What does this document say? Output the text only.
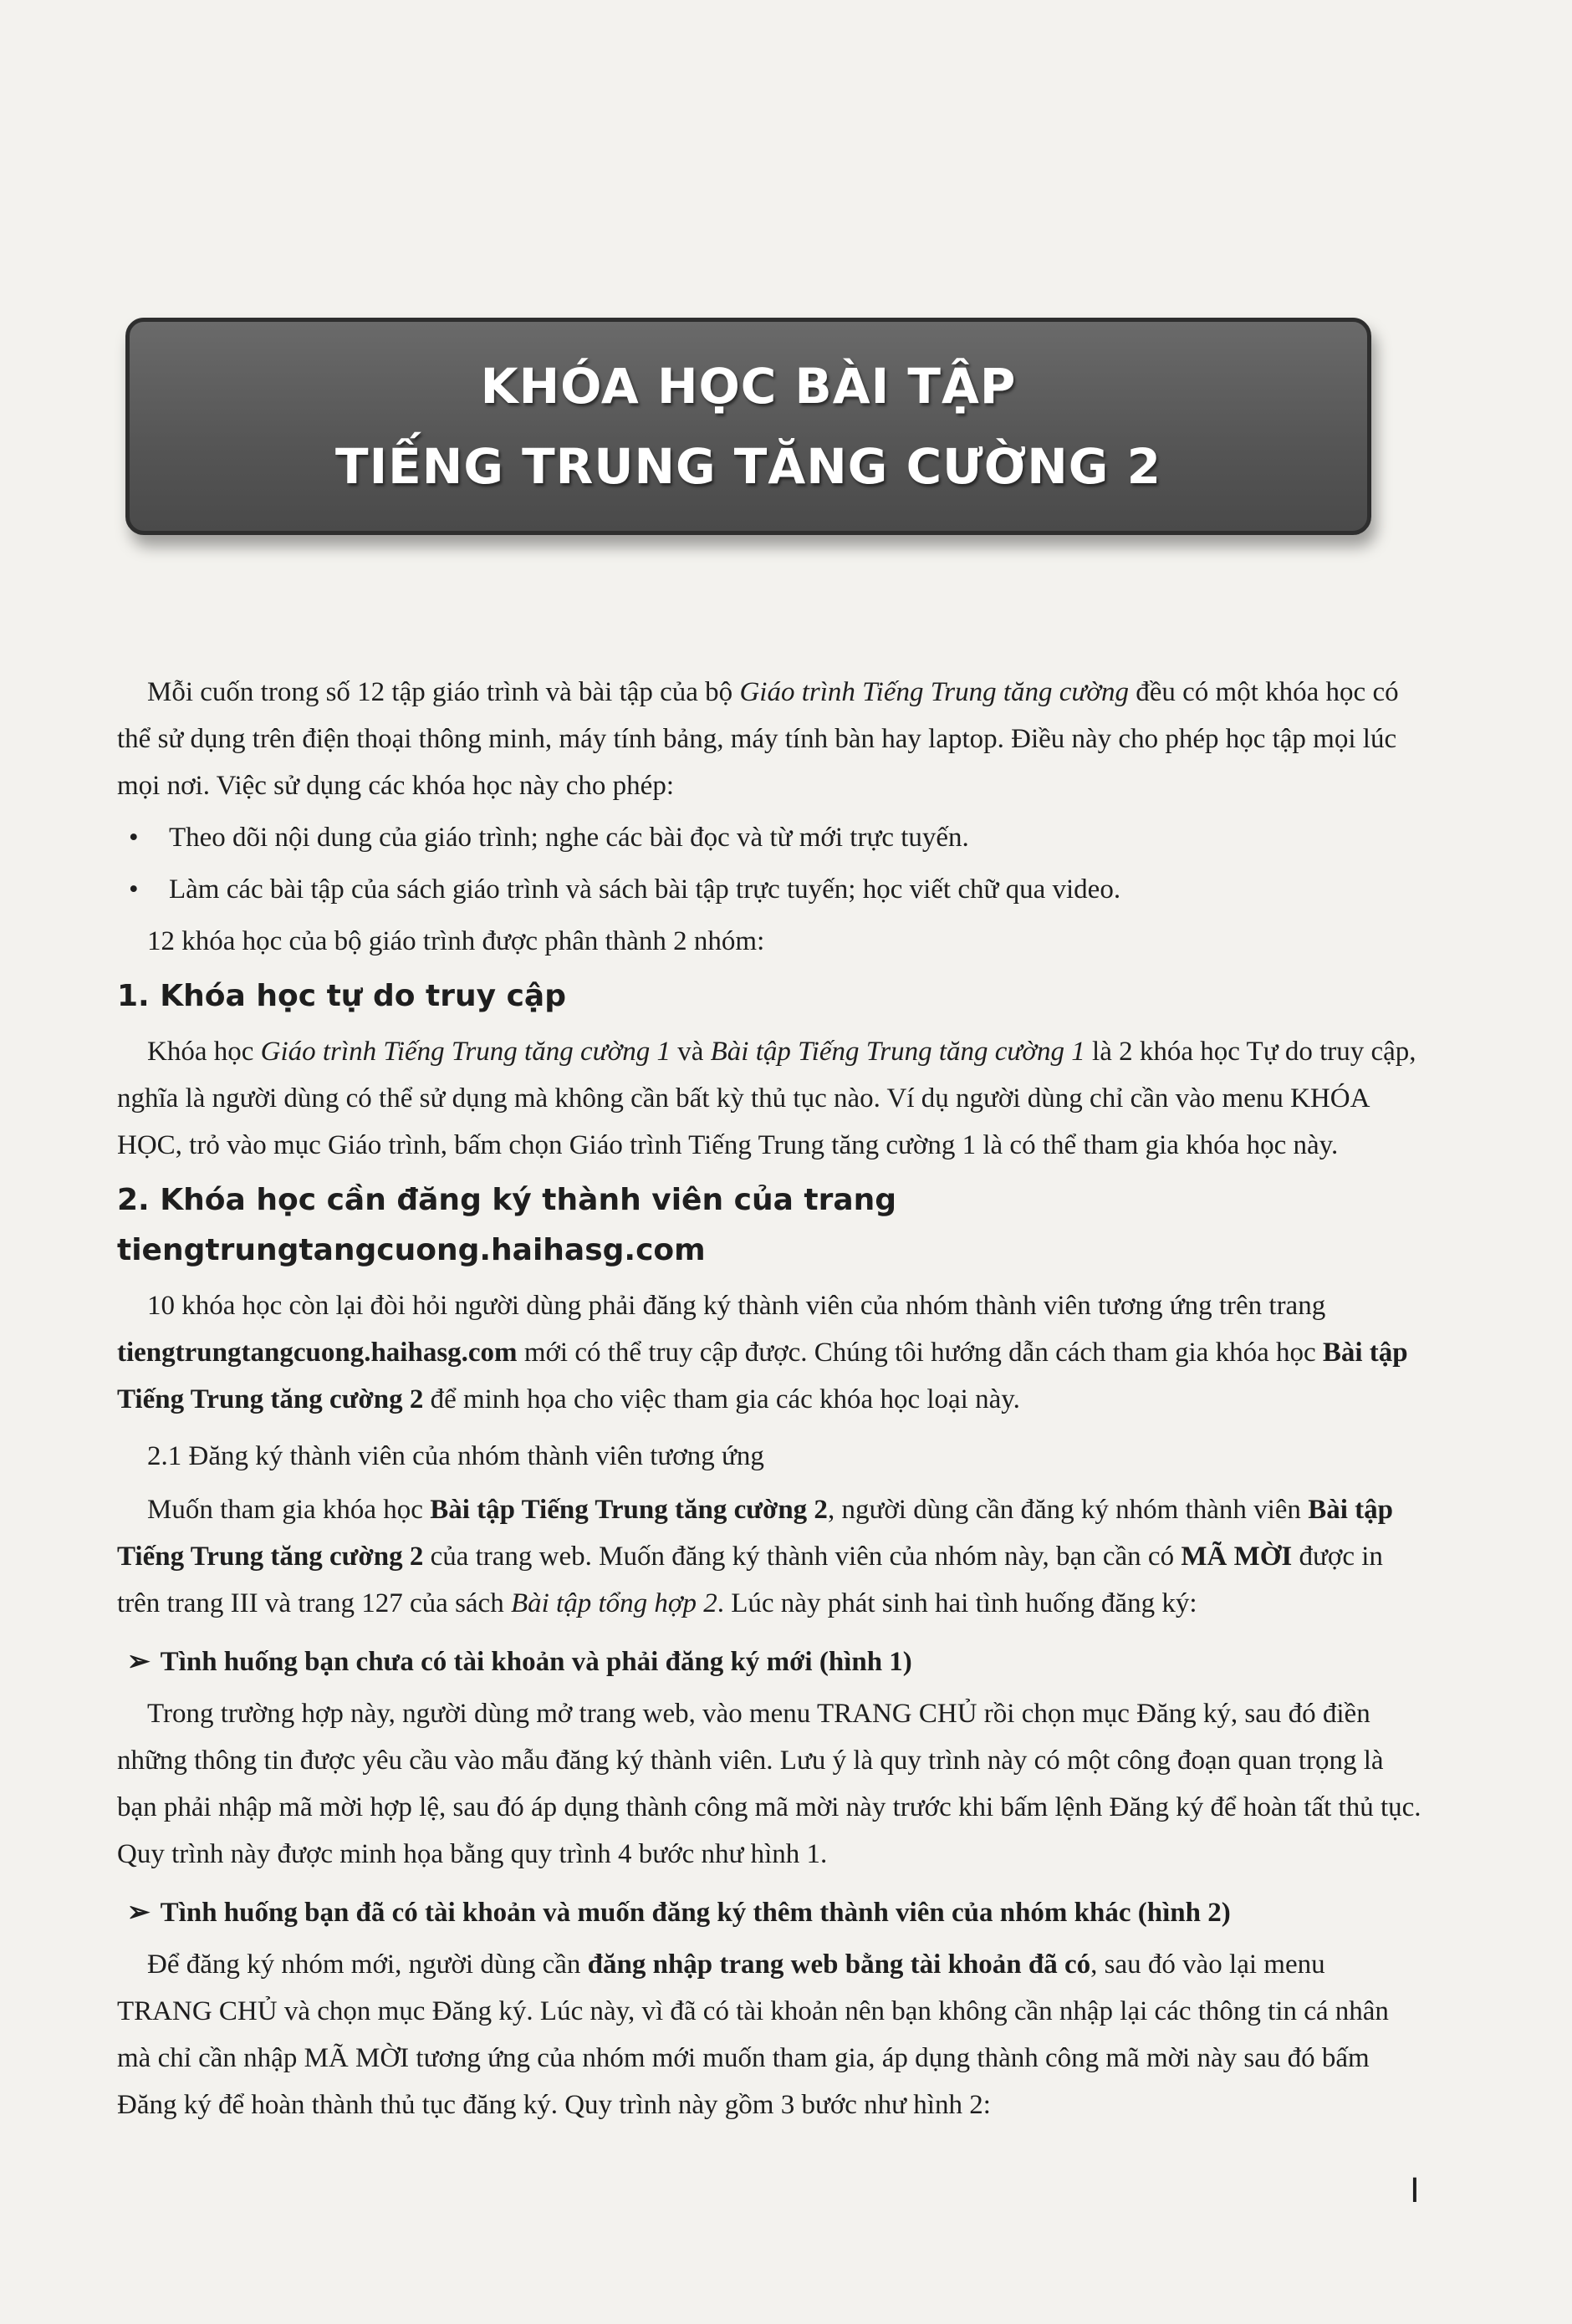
KHÓA HỌC BÀI TẬP
TIẾNG TRUNG TĂNG CƯỜNG 2

Mỗi cuốn trong số 12 tập giáo trình và bài tập của bộ Giáo trình Tiếng Trung tăng cường đều có một khóa học có thể sử dụng trên điện thoại thông minh, máy tính bảng, máy tính bàn hay laptop. Điều này cho phép học tập mọi lúc mọi nơi. Việc sử dụng các khóa học này cho phép:

• Theo dõi nội dung của giáo trình; nghe các bài đọc và từ mới trực tuyến.
• Làm các bài tập của sách giáo trình và sách bài tập trực tuyến; học viết chữ qua video.

12 khóa học của bộ giáo trình được phân thành 2 nhóm:

1. Khóa học tự do truy cập

Khóa học Giáo trình Tiếng Trung tăng cường 1 và Bài tập Tiếng Trung tăng cường 1 là 2 khóa học Tự do truy cập, nghĩa là người dùng có thể sử dụng mà không cần bất kỳ thủ tục nào. Ví dụ người dùng chỉ cần vào menu KHÓA HỌC, trỏ vào mục Giáo trình, bấm chọn Giáo trình Tiếng Trung tăng cường 1 là có thể tham gia khóa học này.

2. Khóa học cần đăng ký thành viên của trang tiengtrungtangcuong.haihasg.com

10 khóa học còn lại đòi hỏi người dùng phải đăng ký thành viên của nhóm thành viên tương ứng trên trang tiengtrungtangcuong.haihasg.com mới có thể truy cập được. Chúng tôi hướng dẫn cách tham gia khóa học Bài tập Tiếng Trung tăng cường 2 để minh họa cho việc tham gia các khóa học loại này.

2.1 Đăng ký thành viên của nhóm thành viên tương ứng

Muốn tham gia khóa học Bài tập Tiếng Trung tăng cường 2, người dùng cần đăng ký nhóm thành viên Bài tập Tiếng Trung tăng cường 2 của trang web. Muốn đăng ký thành viên của nhóm này, bạn cần có MÃ MỜI được in trên trang III và trang 127 của sách Bài tập tổng hợp 2. Lúc này phát sinh hai tình huống đăng ký:

➢ Tình huống bạn chưa có tài khoản và phải đăng ký mới (hình 1)

Trong trường hợp này, người dùng mở trang web, vào menu TRANG CHỦ rồi chọn mục Đăng ký, sau đó điền những thông tin được yêu cầu vào mẫu đăng ký thành viên. Lưu ý là quy trình này có một công đoạn quan trọng là bạn phải nhập mã mời hợp lệ, sau đó áp dụng thành công mã mời này trước khi bấm lệnh Đăng ký để hoàn tất thủ tục. Quy trình này được minh họa bằng quy trình 4 bước như hình 1.

➢ Tình huống bạn đã có tài khoản và muốn đăng ký thêm thành viên của nhóm khác (hình 2)

Để đăng ký nhóm mới, người dùng cần đăng nhập trang web bằng tài khoản đã có, sau đó vào lại menu TRANG CHỦ và chọn mục Đăng ký. Lúc này, vì đã có tài khoản nên bạn không cần nhập lại các thông tin cá nhân mà chỉ cần nhập MÃ MỜI tương ứng của nhóm mới muốn tham gia, áp dụng thành công mã mời này sau đó bấm Đăng ký để hoàn thành thủ tục đăng ký. Quy trình này gồm 3 bước như hình 2:

I
